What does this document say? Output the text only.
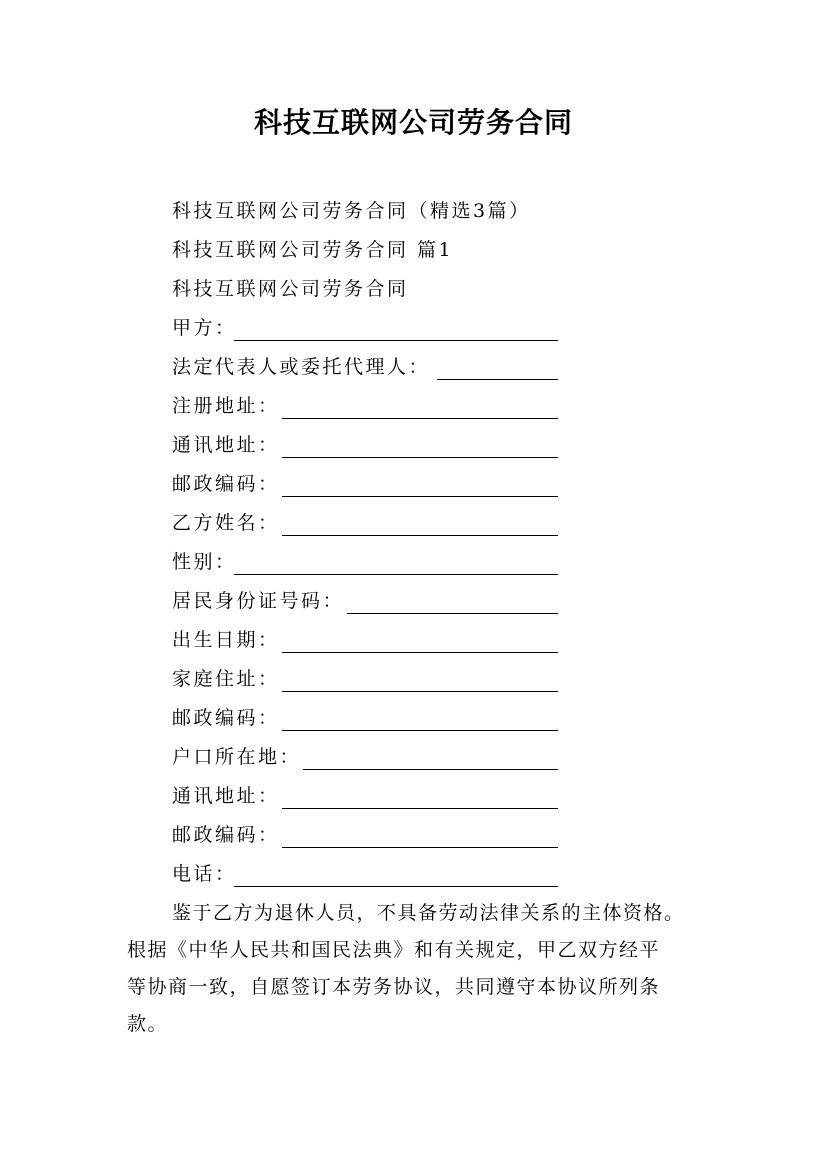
科技互联网公司劳务合同
科技互联网公司劳务合同（精选3篇）
科技互联网公司劳务合同 篇1
科技互联网公司劳务合同
甲方：
法定代表人或委托代理人：
注册地址：
通讯地址：
邮政编码：
乙方姓名：
性别：
居民身份证号码：
出生日期：
家庭住址：
邮政编码：
户口所在地：
通讯地址：
邮政编码：
电话：
鉴于乙方为退休人员，不具备劳动法律关系的主体资格。
根据《中华人民共和国民法典》和有关规定，甲乙双方经平
等协商一致，自愿签订本劳务协议，共同遵守本协议所列条
款。
